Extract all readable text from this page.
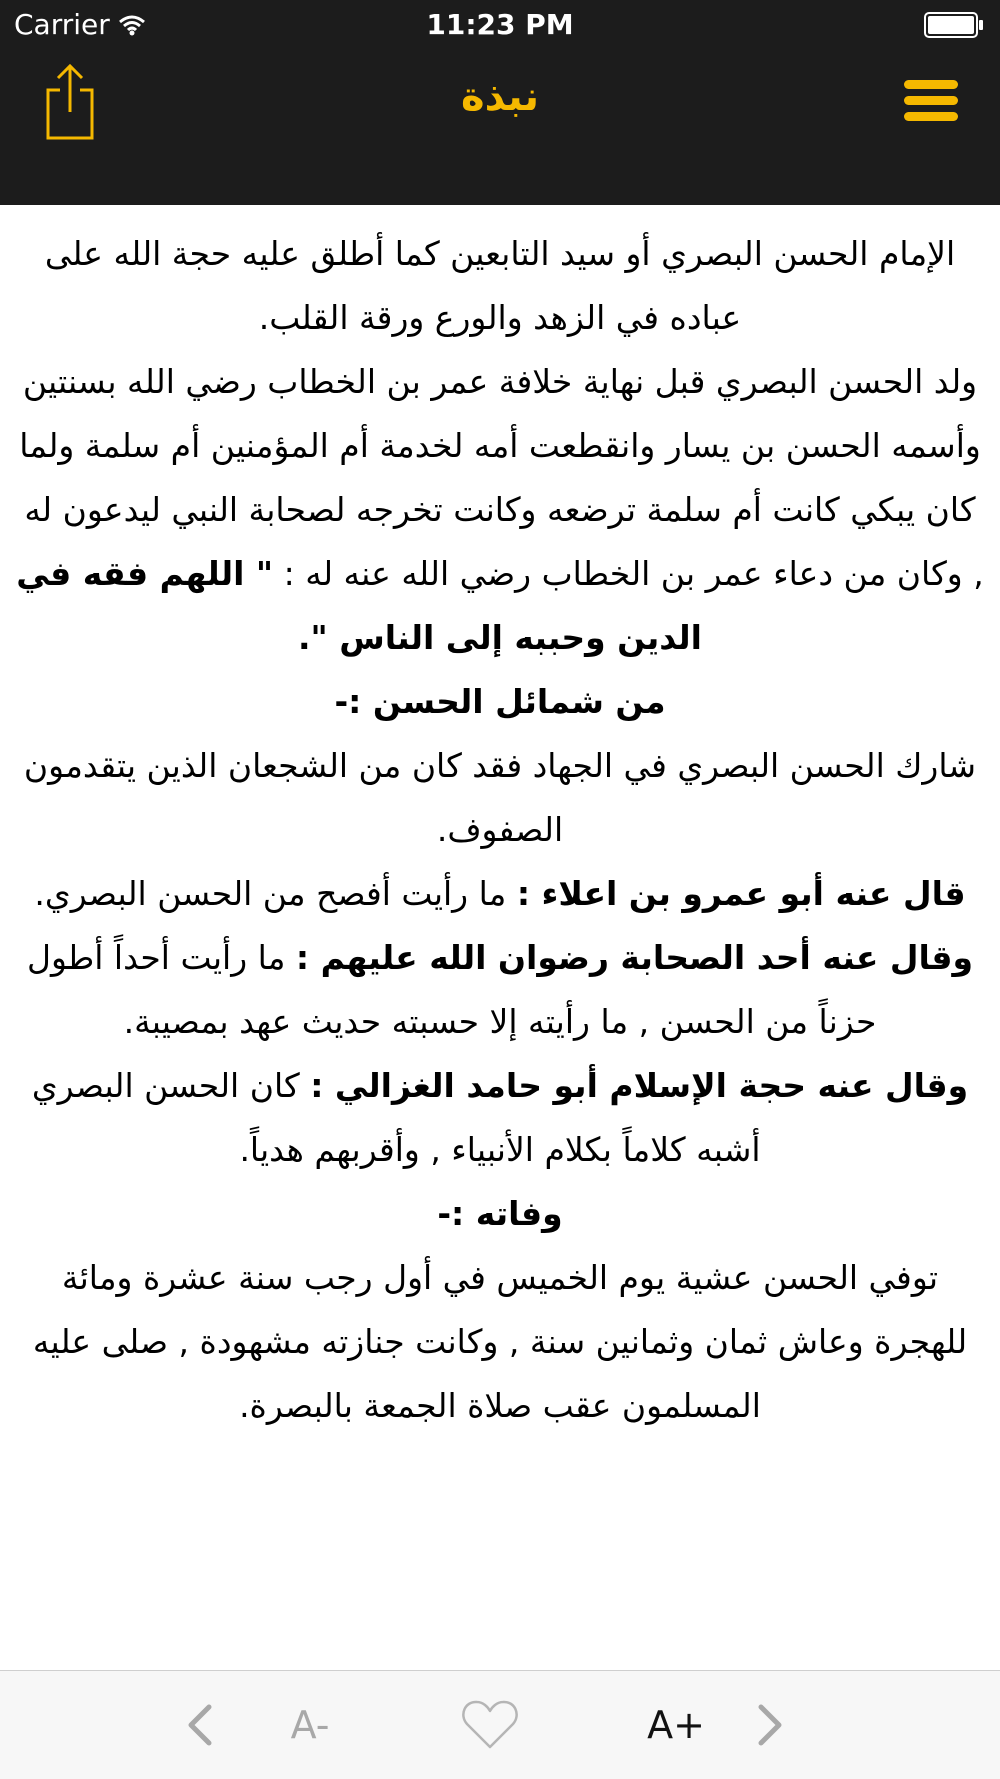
Carrier	11:23 PM
نبذة

الإمام الحسن البصري أو سيد التابعين كما أطلق عليه حجة الله على عباده في الزهد والورع ورقة القلب.

ولد الحسن البصري قبل نهاية خلافة عمر بن الخطاب رضي الله بسنتين وأسمه الحسن بن يسار وانقطعت أمه لخدمة أم المؤمنين أم سلمة ولما كان يبكي كانت أم سلمة ترضعه وكانت تخرجه لصحابة النبي ليدعون له , وكان من دعاء عمر بن الخطاب رضي الله عنه له : " اللهم فقه في الدين وحببه إلى الناس ".

من شمائل الحسن :-

شارك الحسن البصري في الجهاد فقد كان من الشجعان الذين يتقدمون الصفوف.

قال عنه أبو عمرو بن اعلاء : ما رأيت أفصح من الحسن البصري.

وقال عنه أحد الصحابة رضوان الله عليهم : ما رأيت أحداً أطول حزناً من الحسن , ما رأيته إلا حسبته حديث عهد بمصيبة.

وقال عنه حجة الإسلام أبو حامد الغزالي : كان الحسن البصري أشبه كلاماً بكلام الأنبياء , وأقربهم هدياً.

وفاته :-

توفي الحسن عشية يوم الخميس في أول رجب سنة عشرة ومائة للهجرة وعاش ثمان وثمانين سنة , وكانت جنازته مشهودة , صلى عليه المسلمون عقب صلاة الجمعة بالبصرة.

A-	A+
